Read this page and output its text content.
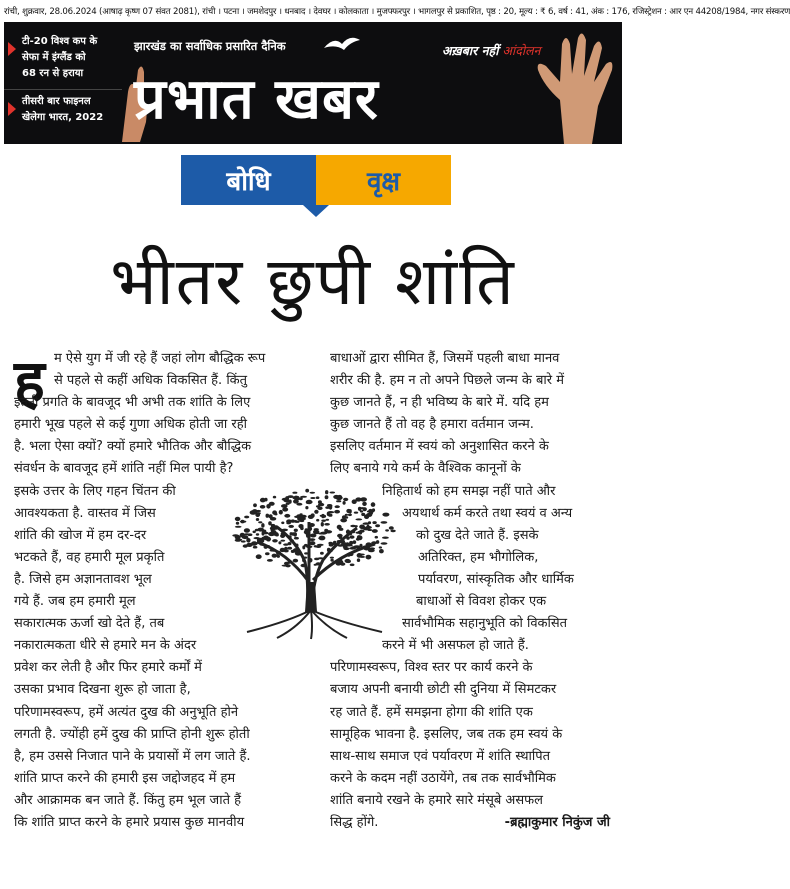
रांची, शुक्रवार, 28.06.2024 (आषाढ़ कृष्ण 07 संवत 2081), रांची । पटना । जमशेदपुर । धनबाद । देवघर । कोलकाता । मुजफ्फरपुर । भागलपुर से प्रकाशित, पृष्ठ : 20, मूल्य : ₹ 6, वर्ष : 41, अंक : 176, रजिस्ट्रेशन : आर एन 44208/1984, नगर संस्करण
टी-20 विश्व कप के
सेफा में इंग्लैंड को
68 रन से हराया
तीसरी बार फाइनल
खेलेगा भारत, 2022
झारखंड का सर्वाधिक प्रसारित दैनिक
प्रभात खबर
अख़बार नहीं आंदोलन
बोधि	वृक्ष
भीतर छुपी शांति
ह म ऐसे युग में जी रहे हैं जहां लोग बौद्धिक रूप
से पहले से कहीं अधिक विकसित हैं. किंतु
इतनी प्रगति के बावजूद भी अभी तक शांति के लिए
हमारी भूख पहले से कई गुणा अधिक होती जा रही
है. भला ऐसा क्यों? क्यों हमारे भौतिक और बौद्धिक
संवर्धन के बावजूद हमें शांति नहीं मिल पायी है?
इसके उत्तर के लिए गहन चिंतन की
आवश्यकता है. वास्तव में जिस
शांति की खोज में हम दर-दर
भटकते हैं, वह हमारी मूल प्रकृति
है. जिसे हम अज्ञानतावश भूल
गये हैं. जब हम हमारी मूल
सकारात्मक ऊर्जा खो देते हैं, तब
नकारात्मकता धीरे से हमारे मन के अंदर
प्रवेश कर लेती है और फिर हमारे कर्मों में
उसका प्रभाव दिखना शुरू हो जाता है,
परिणामस्वरूप, हमें अत्यंत दुख की अनुभूति होने
लगती है. ज्योंही हमें दुख की प्राप्ति होनी शुरू होती
है, हम उससे निजात पाने के प्रयासों में लग जाते हैं.
शांति प्राप्त करने की हमारी इस जद्दोजहद में हम
और आक्रामक बन जाते हैं. किंतु हम भूल जाते हैं
कि शांति प्राप्त करने के हमारे प्रयास कुछ मानवीय
बाधाओं द्वारा सीमित हैं, जिसमें पहली बाधा मानव
शरीर की है. हम न तो अपने पिछले जन्म के बारे में
कुछ जानते हैं, न ही भविष्य के बारे में. यदि हम
कुछ जानते हैं तो वह है हमारा वर्तमान जन्म.
इसलिए वर्तमान में स्वयं को अनुशासित करने के
लिए बनाये गये कर्म के वैश्विक कानूनों के
निहितार्थ को हम समझ नहीं पाते और
अयथार्थ कर्म करते तथा स्वयं व अन्य
को दुख देते जाते हैं. इसके
अतिरिक्त, हम भौगोलिक,
पर्यावरण, सांस्कृतिक और धार्मिक
बाधाओं से विवश होकर एक
सार्वभौमिक सहानुभूति को विकसित
करने में भी असफल हो जाते हैं.
परिणामस्वरूप, विश्व स्तर पर कार्य करने के
बजाय अपनी बनायी छोटी सी दुनिया में सिमटकर
रह जाते हैं. हमें समझना होगा की शांति एक
सामूहिक भावना है. इसलिए, जब तक हम स्वयं के
साथ-साथ समाज एवं पर्यावरण में शांति स्थापित
करने के कदम नहीं उठायेंगे, तब तक सार्वभौमिक
शांति बनाये रखने के हमारे सारे मंसूबे असफल
सिद्ध होंगे.	-ब्रह्माकुमार निकुंज जी
